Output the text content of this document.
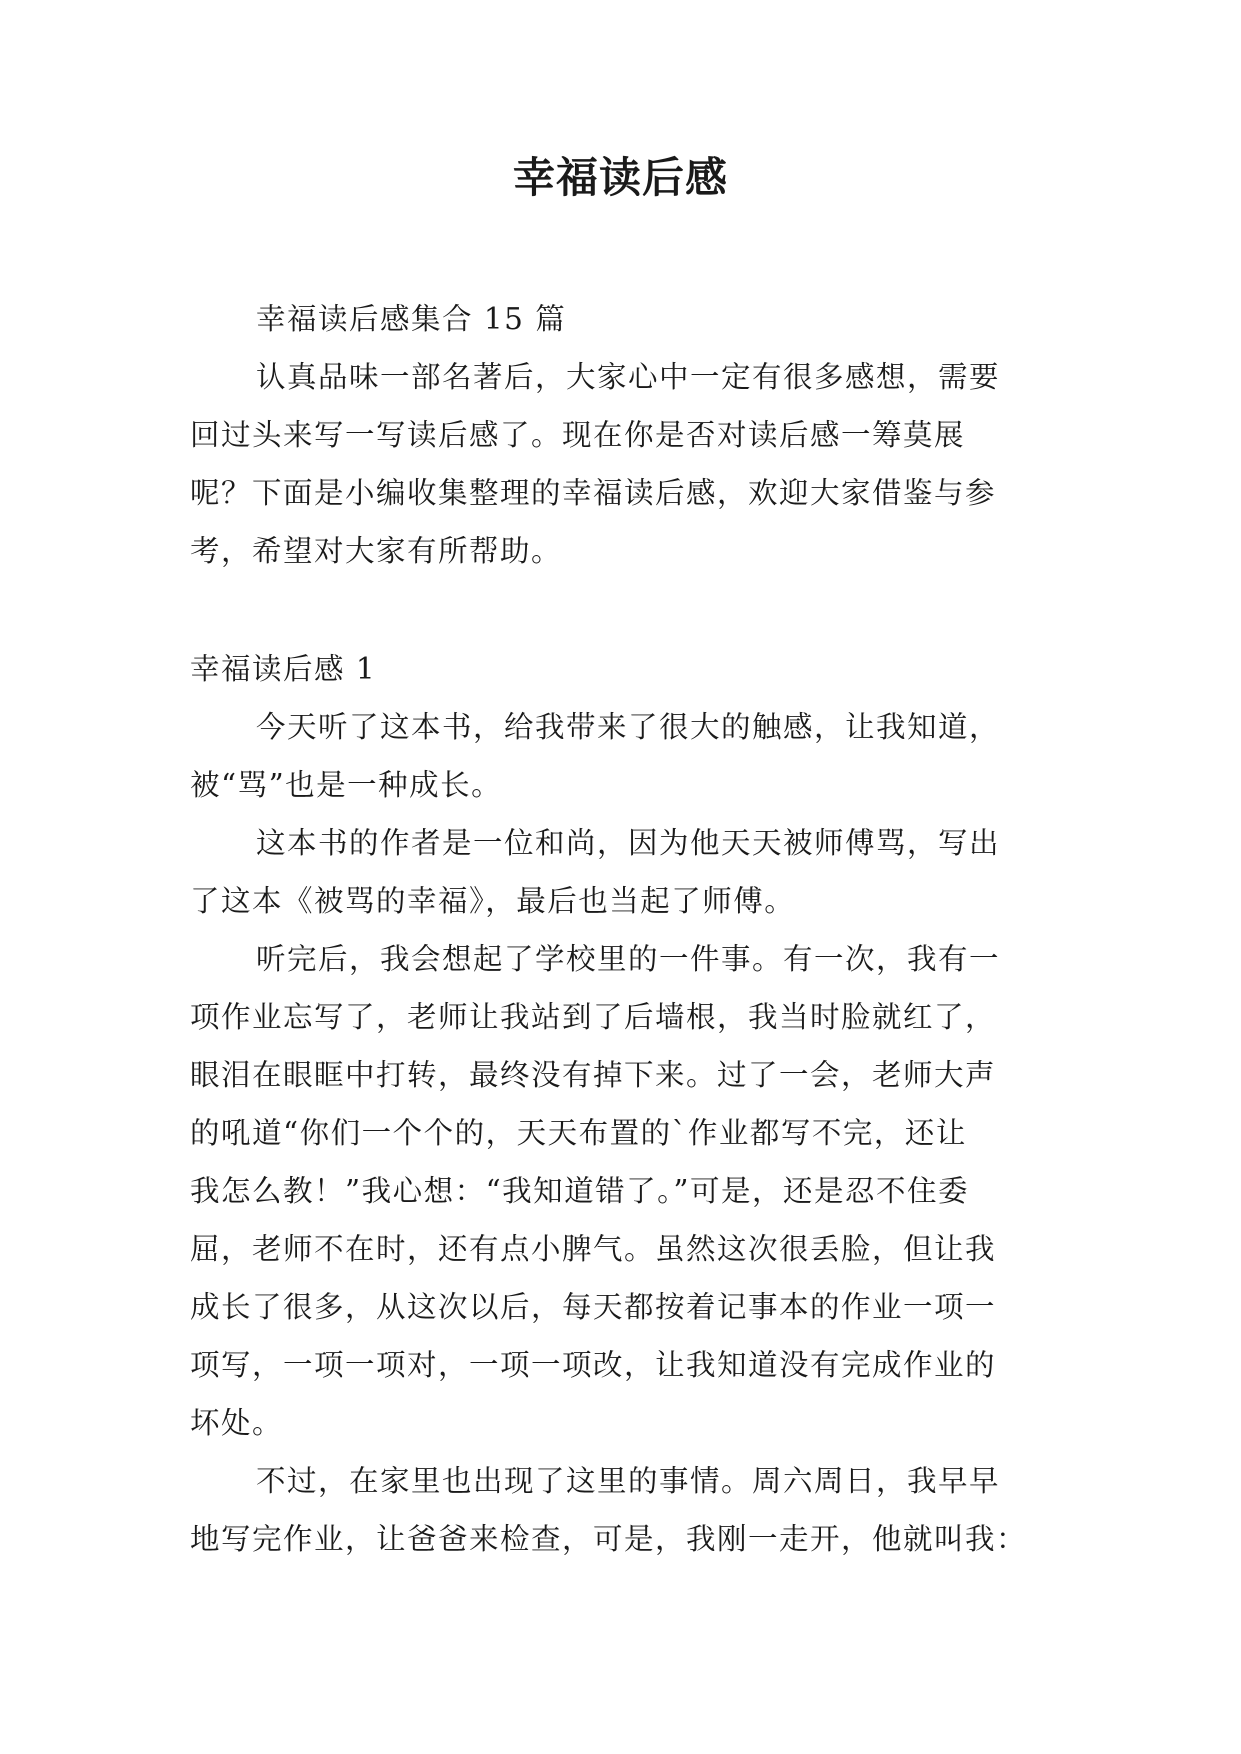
幸福读后感

幸福读后感集合 15 篇

认真品味一部名著后，大家心中一定有很多感想，需要

回过头来写一写读后感了。现在你是否对读后感一筹莫展

呢？下面是小编收集整理的幸福读后感，欢迎大家借鉴与参

考，希望对大家有所帮助。

幸福读后感 1

今天听了这本书，给我带来了很大的触感，让我知道，

被“骂”也是一种成长。

这本书的作者是一位和尚，因为他天天被师傅骂，写出

了这本《被骂的幸福》，最后也当起了师傅。

听完后，我会想起了学校里的一件事。有一次，我有一

项作业忘写了，老师让我站到了后墙根，我当时脸就红了，

眼泪在眼眶中打转，最终没有掉下来。过了一会，老师大声

的吼道“你们一个个的，天天布置的`作业都写不完，还让

我怎么教！”我心想：“我知道错了。”可是，还是忍不住委

屈，老师不在时，还有点小脾气。虽然这次很丢脸，但让我

成长了很多，从这次以后，每天都按着记事本的作业一项一

项写，一项一项对，一项一项改，让我知道没有完成作业的

坏处。

不过，在家里也出现了这里的事情。周六周日，我早早

地写完作业，让爸爸来检查，可是，我刚一走开，他就叫我：
